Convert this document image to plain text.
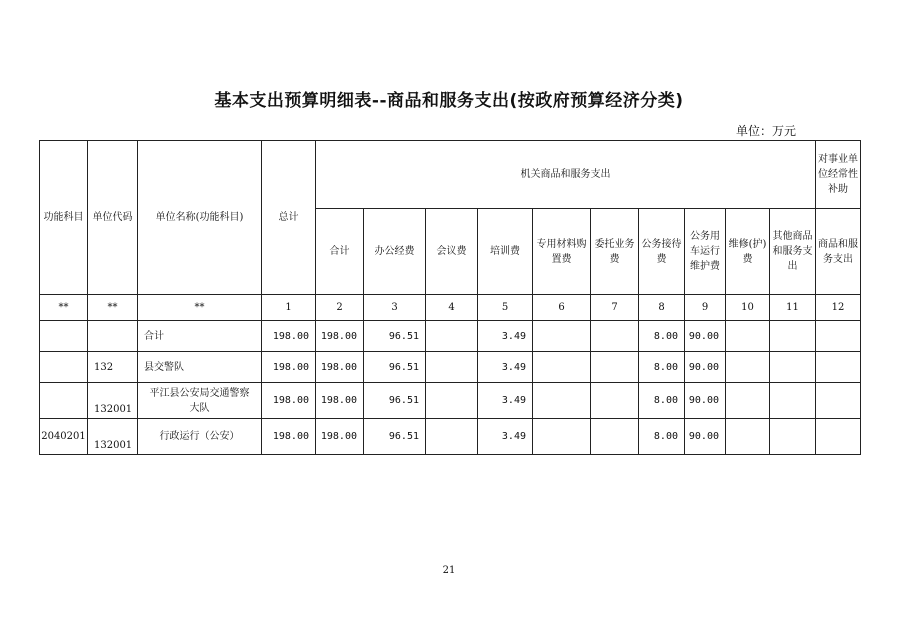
基本支出预算明细表--商品和服务支出(按政府预算经济分类)
单位：万元
功能科目	单位代码	单位名称(功能科目)	总计	机关商品和服务支出										对事业单位经常性补助
				合计	办公经费	会议费	培训费	专用材料购置费	委托业务费	公务接待费	公务用车运行维护费	维修(护)费	其他商品和服务支出	商品和服务支出
**	**	**	1	2	3	4	5	6	7	8	9	10	11	12
		合计	198.00	198.00	96.51		3.49			8.00	90.00			
	132	县交警队	198.00	198.00	96.51		3.49			8.00	90.00			
	132001	平江县公安局交通警察大队	198.00	198.00	96.51		3.49			8.00	90.00			
2040201	132001	行政运行（公安）	198.00	198.00	96.51		3.49			8.00	90.00			
21
